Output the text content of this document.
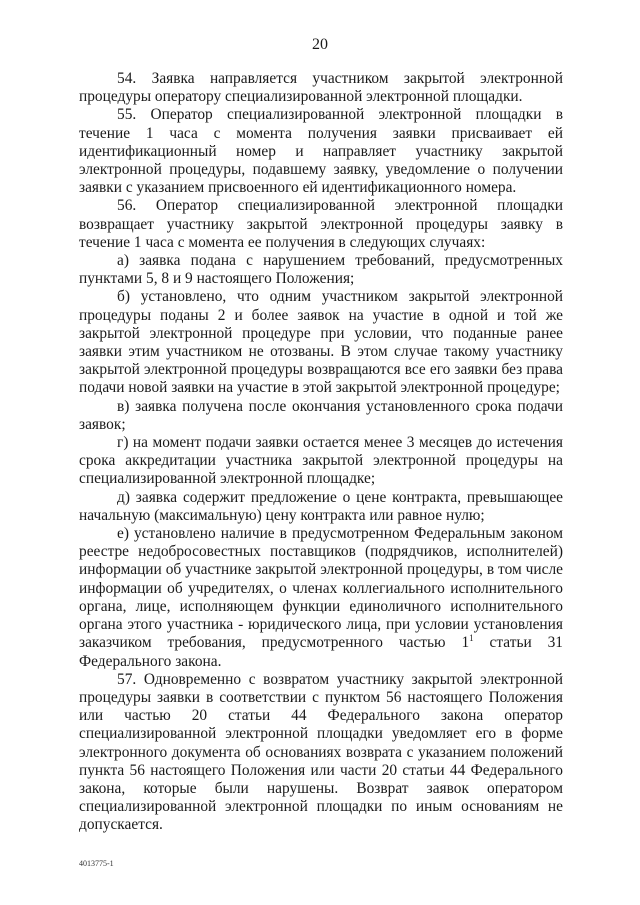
20

54. Заявка направляется участником закрытой электронной процедуры оператору специализированной электронной площадки.

55. Оператор специализированной электронной площадки в течение 1 часа с момента получения заявки присваивает ей идентификационный номер и направляет участнику закрытой электронной процедуры, подавшему заявку, уведомление о получении заявки с указанием присвоенного ей идентификационного номера.

56. Оператор специализированной электронной площадки возвращает участнику закрытой электронной процедуры заявку в течение 1 часа с момента ее получения в следующих случаях:

а) заявка подана с нарушением требований, предусмотренных пунктами 5, 8 и 9 настоящего Положения;

б) установлено, что одним участником закрытой электронной процедуры поданы 2 и более заявок на участие в одной и той же закрытой электронной процедуре при условии, что поданные ранее заявки этим участником не отозваны. В этом случае такому участнику закрытой электронной процедуры возвращаются все его заявки без права подачи новой заявки на участие в этой закрытой электронной процедуре;

в) заявка получена после окончания установленного срока подачи заявок;

г) на момент подачи заявки остается менее 3 месяцев до истечения срока аккредитации участника закрытой электронной процедуры на специализированной электронной площадке;

д) заявка содержит предложение о цене контракта, превышающее начальную (максимальную) цену контракта или равное нулю;

е) установлено наличие в предусмотренном Федеральным законом реестре недобросовестных поставщиков (подрядчиков, исполнителей) информации об участнике закрытой электронной процедуры, в том числе информации об учредителях, о членах коллегиального исполнительного органа, лице, исполняющем функции единоличного исполнительного органа этого участника - юридического лица, при условии установления заказчиком требования, предусмотренного частью $1^1$ статьи 31 Федерального закона.

57. Одновременно с возвратом участнику закрытой электронной процедуры заявки в соответствии с пунктом 56 настоящего Положения или частью 20 статьи 44 Федерального закона оператор специализированной электронной площадки уведомляет его в форме электронного документа об основаниях возврата с указанием положений пункта 56 настоящего Положения или части 20 статьи 44 Федерального закона, которые были нарушены. Возврат заявок оператором специализированной электронной площадки по иным основаниям не допускается.

4013775-1
